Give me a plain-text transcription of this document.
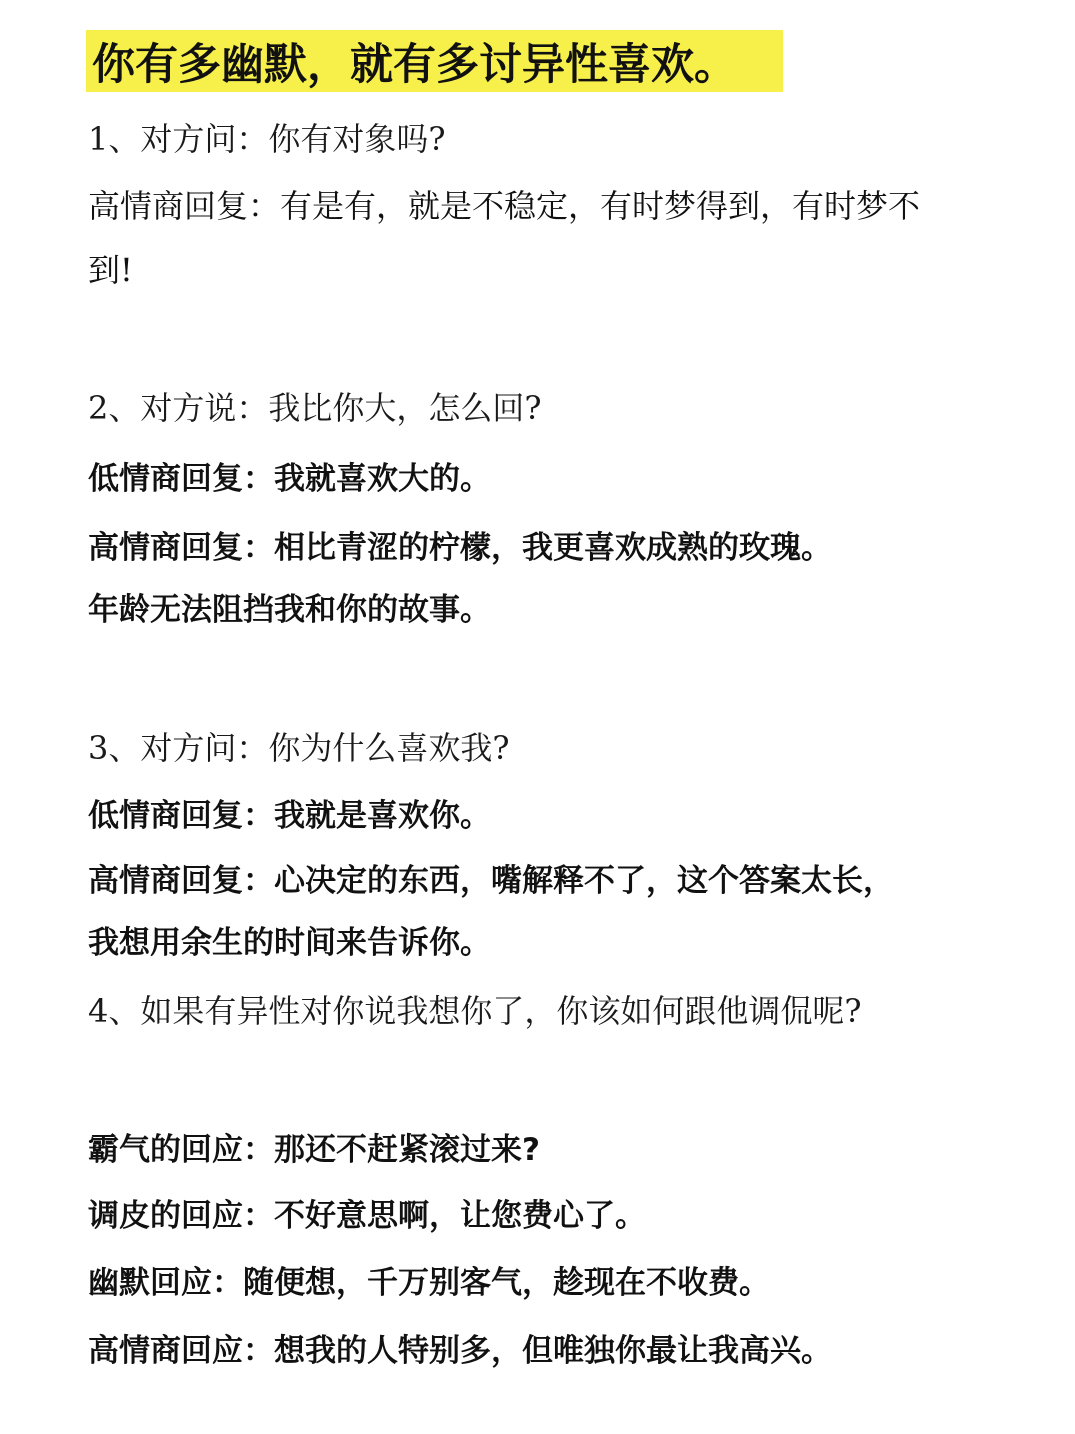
你有多幽默，就有多讨异性喜欢。
1、对方问：你有对象吗?
高情商回复：有是有，就是不稳定，有时梦得到，有时梦不
到!
2、对方说：我比你大，怎么回?
低情商回复：我就喜欢大的。
高情商回复：相比青涩的柠檬，我更喜欢成熟的玫瑰。
年龄无法阻挡我和你的故事。
3、对方问：你为什么喜欢我?
低情商回复：我就是喜欢你。
高情商回复：心决定的东西，嘴解释不了，这个答案太长，
我想用余生的时间来告诉你。
4、如果有异性对你说我想你了，你该如何跟他调侃呢?
霸气的回应：那还不赶紧滚过来?
调皮的回应：不好意思啊，让您费心了。
幽默回应：随便想，千万别客气，趁现在不收费。
高情商回应：想我的人特别多，但唯独你最让我高兴。
